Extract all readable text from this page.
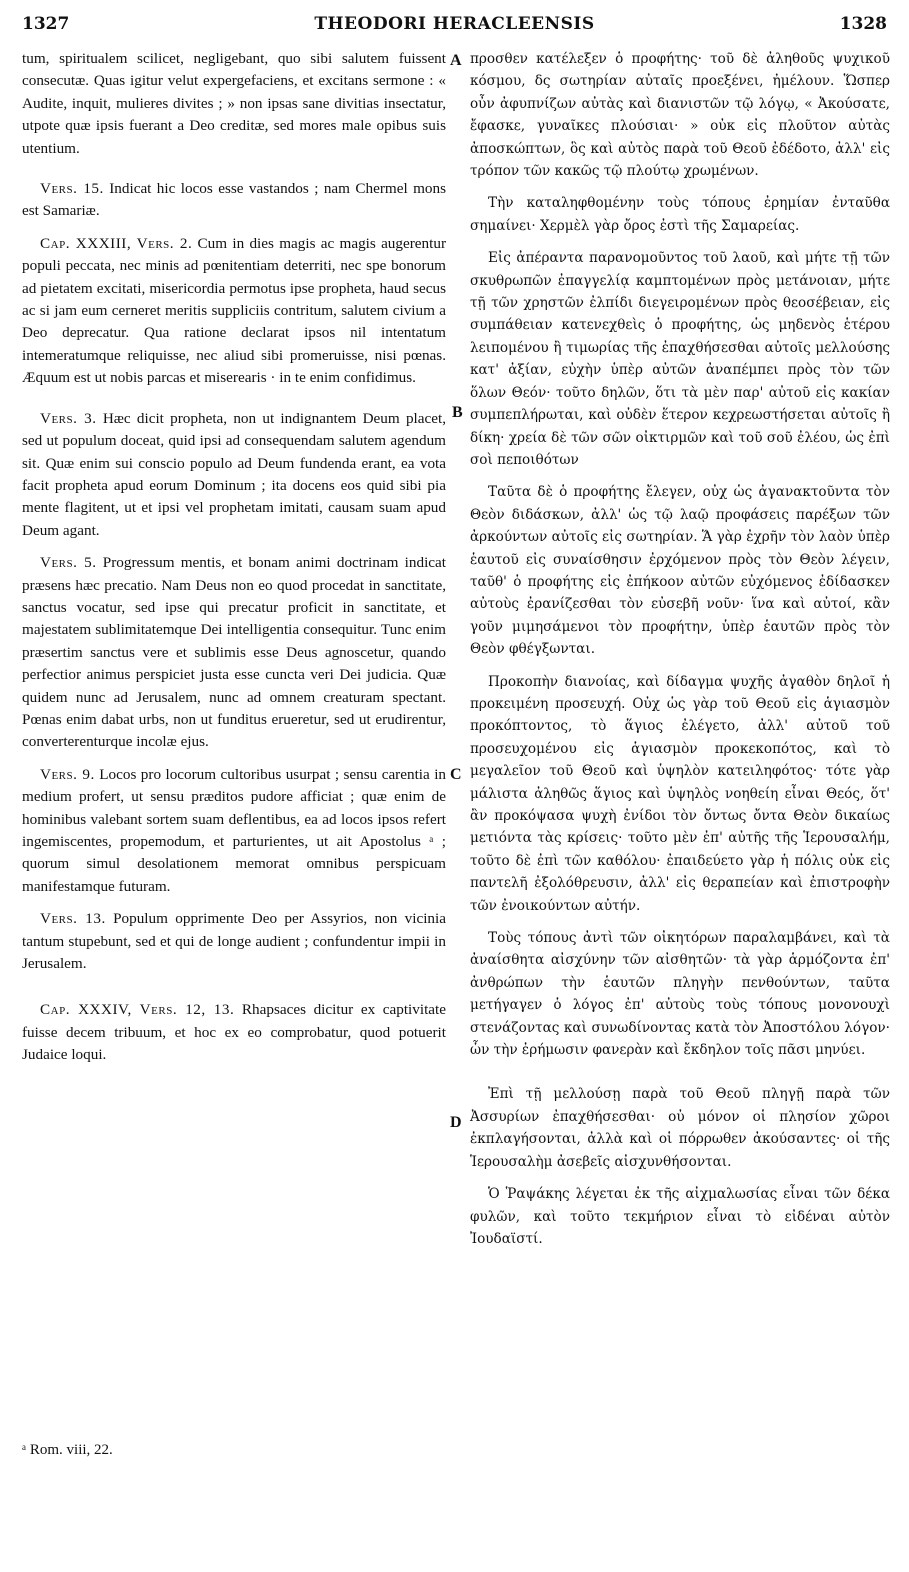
1327	THEODORI HERACLEENSIS	1328

tum, spiritualem scilicet, negligebant, quo sibi salutem fuissent consecutæ. Quas igitur velut expergefaciens, et excitans sermone : « Audite, inquit, mulieres divites ; » non ipsas sane divitias insectatur, utpote quæ ipsis fuerant a Deo creditæ, sed mores male opibus suis utentium.

Vers. 15. Indicat hic locos esse vastandos ; nam Chermel mons est Samariæ.

Cap. XXXIII, Vers. 2. Cum in dies magis ac magis augerentur populi peccata, nec minis ad pœnitentiam deterriti, nec spe bonorum ad pietatem excitati, misericordia permotus ipse propheta, haud secus ac si jam eum cerneret meritis suppliciis contritum, salutem civium a Deo deprecatur. Qua ratione declarat ipsos nil intentatum intemeratumque reliquisse, nec aliud sibi promeruisse, nisi pœnas. Æquum est ut nobis parcas et miserearis · in te enim confidimus.

Vers. 3. Hæc dicit propheta, non ut indignantem Deum placet, sed ut populum doceat, quid ipsi ad consequendam salutem agendum sit. Quæ enim sui conscio populo ad Deum fundenda erant, ea vota facit propheta apud eorum Dominum ; ita docens eos quid sibi pia mente flagitent, ut et ipsi vel prophetam imitati, causam suam apud Deum agant.

Vers. 5. Progressum mentis, et bonam animi doctrinam indicat præsens hæc precatio. Nam Deus non eo quod procedat in sanctitate, sanctus vocatur, sed ipse qui precatur proficit in sanctitate, et majestatem sublimitatemque Dei intelligentia consequitur. Tunc enim præsertim sanctus vere et sublimis esse Deus agnoscetur, quando perfectior animus perspiciet justa esse cuncta veri Dei judicia. Quæ quidem nunc ad Jerusalem, nunc ad omnem creaturam spectant. Pœnas enim dabat urbs, non ut funditus erueretur, sed ut erudirentur, converterenturque incolæ ejus.

Vers. 9. Locos pro locorum cultoribus usurpat ; sensu carentia in medium profert, ut sensu præditos pudore afficiat ; quæ enim de hominibus valebant sortem suam deflentibus, ea ad locos ipsos refert ingemiscentes, propemodum, et parturientes, ut ait Apostolus ᵃ ; quorum simul desolationem memorat omnibus perspicuam manifestamque futuram.

Vers. 13. Populum opprimente Deo per Assyrios, non vicinia tantum stupebunt, sed et qui de longe audient ; confundentur impii in Jerusalem.

Cap. XXXIV, Vers. 12, 13. Rhapsaces dicitur ex captivitate fuisse decem tribuum, et hoc ex eo comprobatur, quod potuerit Judaice loqui.

προσθεν κατέλεξεν ὁ προφήτης· τοῦ δὲ ἀληθοῦς ψυχικοῦ κόσμου, δς σωτηρίαν αὐταῖς προεξένει, ἠμέλουν. Ὥσπερ οὖν ἀφυπνίζων αὐτὰς καὶ διανιστῶν τῷ λόγῳ, « Ἀκούσατε, ἔφασκε, γυναῖκες πλούσιαι· » οὐκ εἰς πλοῦτον αὐτὰς ἀποσκώπτων, ὃς καὶ αὐτὸς παρὰ τοῦ Θεοῦ ἐδέδοτο, ἀλλ' εἰς τρόπον τῶν κακῶς τῷ πλούτῳ χρωμένων.

Τὴν καταληφθομένην τοὺς τόπους ἐρημίαν ἐνταῦθα σημαίνει· Χερμὲλ γὰρ ὄρος ἐστὶ τῆς Σαμαρείας.

Εἰς ἀπέραντα παρανομοῦντος τοῦ λαοῦ, καὶ μήτε τῇ τῶν σκυθρωπῶν ἐπαγγελίᾳ καμπτομένων πρὸς μετάνοιαν, μήτε τῇ τῶν χρηστῶν ἐλπίδι διεγειρομένων πρὸς θεοσέβειαν, εἰς συμπάθειαν κατενεχθεὶς ὁ προφήτης, ὡς μηδενὸς ἑτέρου λειπομένου ἢ τιμωρίας τῆς ἐπαχθήσεσθαι αὐτοῖς μελλούσης κατ' ἀξίαν, εὐχὴν ὑπὲρ αὐτῶν ἀναπέμπει πρὸς τὸν τῶν ὅλων Θεόν· τοῦτο δηλῶν, ὅτι τὰ μὲν παρ' αὐτοῦ εἰς κακίαν συμπεπλήρωται, καὶ οὐδὲν ἕτερον κεχρεωστήσεται αὐτοῖς ἢ δίκη· χρεία δὲ τῶν σῶν οἰκτιρμῶν καὶ τοῦ σοῦ ἐλέου, ὡς ἐπὶ σοὶ πεποιθότων

Ταῦτα δὲ ὁ προφήτης ἔλεγεν, οὐχ ὡς ἀγανακτοῦντα τὸν Θεὸν διδάσκων, ἀλλ' ὡς τῷ λαῷ προφάσεις παρέξων τῶν ἀρκούντων αὐτοῖς εἰς σωτηρίαν. Ἅ γὰρ ἐχρῆν τὸν λαὸν ὑπὲρ ἑαυτοῦ εἰς συναίσθησιν ἐρχόμενον πρὸς τὸν Θεὸν λέγειν, ταῦθ' ὁ προφήτης εἰς ἐπήκοον αὐτῶν εὐχόμενος ἐδίδασκεν αὐτοὺς ἐρανίζεσθαι τὸν εὐσεβῆ νοῦν· ἵνα καὶ αὐτοί, κἂν γοῦν μιμησάμενοι τὸν προφήτην, ὑπὲρ ἑαυτῶν πρὸς τὸν Θεὸν φθέγξωνται.

Προκοπὴν διανοίας, καὶ δίδαγμα ψυχῆς ἀγαθὸν δηλοῖ ἡ προκειμένη προσευχή. Οὐχ ὡς γὰρ τοῦ Θεοῦ εἰς ἁγιασμὸν προκόπτοντος, τὸ ἅγιος ἐλέγετο, ἀλλ' αὐτοῦ τοῦ προσευχομένου εἰς ἁγιασμὸν προκεκοπότος, καὶ τὸ μεγαλεῖον τοῦ Θεοῦ καὶ ὑψηλὸν κατειληφότος· τότε γὰρ μάλιστα ἀληθῶς ἅγιος καὶ ὑψηλὸς νοηθείη εἶναι Θεός, ὅτ' ἂν προκόψασα ψυχὴ ἐνίδοι τὸν ὄντως ὄντα Θεὸν δικαίως μετιόντα τὰς κρίσεις· τοῦτο μὲν ἐπ' αὐτῆς τῆς Ἱερουσαλήμ, τοῦτο δὲ ἐπὶ τῶν καθόλου· ἐπαιδεύετο γὰρ ἡ πόλις οὐκ εἰς παντελῆ ἐξολόθρευσιν, ἀλλ' εἰς θεραπείαν καὶ ἐπιστροφὴν τῶν ἐνοικούντων αὐτήν.

Τοὺς τόπους ἀντὶ τῶν οἰκητόρων παραλαμβάνει, καὶ τὰ ἀναίσθητα αἰσχύνην τῶν αἰσθητῶν· τὰ γὰρ ἁρμόζοντα ἐπ' ἀνθρώπων τὴν ἑαυτῶν πληγὴν πενθούντων, ταῦτα μετήγαγεν ὁ λόγος ἐπ' αὐτοὺς τοὺς τόπους μονονουχὶ στενάζοντας καὶ συνωδίνοντας κατὰ τὸν Ἀποστόλου λόγον· ὧν τὴν ἐρήμωσιν φανερὰν καὶ ἔκδηλον τοῖς πᾶσι μηνύει.

Ἐπὶ τῇ μελλούσῃ παρὰ τοῦ Θεοῦ πληγῇ παρὰ τῶν Ἀσσυρίων ἐπαχθήσεσθαι· οὐ μόνον οἱ πλησίον χῶροι ἐκπλαγήσονται, ἀλλὰ καὶ οἱ πόρρωθεν ἀκούσαντες· οἱ τῆς Ἱερουσαλὴμ ἀσεβεῖς αἰσχυνθήσονται.

Ὁ Ῥαψάκης λέγεται ἐκ τῆς αἰχμαλωσίας εἶναι τῶν δέκα φυλῶν, καὶ τοῦτο τεκμήριον εἶναι τὸ εἰδέναι αὐτὸν Ἰουδαϊστί.

A
B
C
D
ᵃ Rom. viii, 22.
